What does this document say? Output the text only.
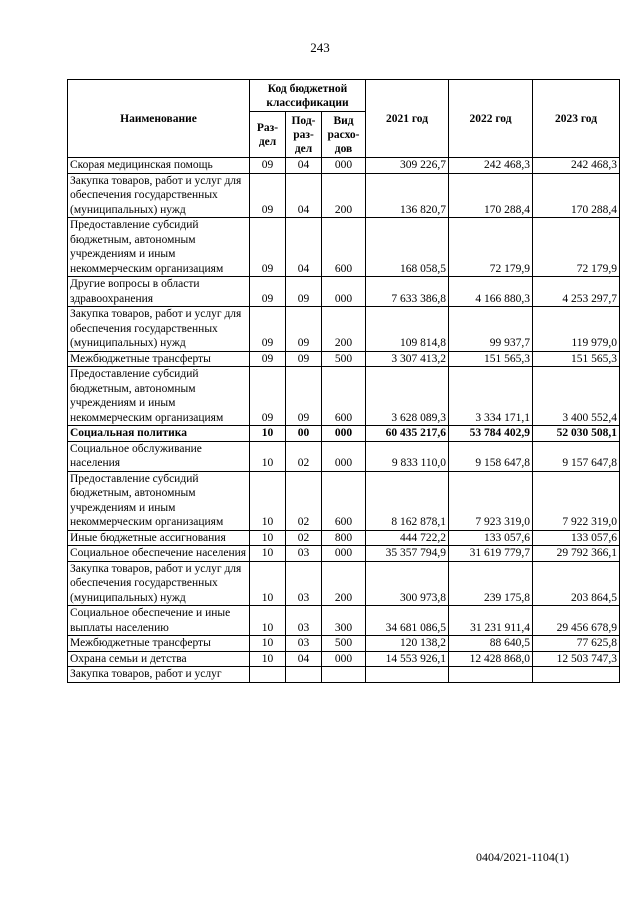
243
Наименование	Код бюджетной классификации			2021 год	2022 год	2023 год
	Раз-дел	Под-раз-дел	Вид расхо-дов			
Скорая медицинская помощь	09	04	000	309 226,7	242 468,3	242 468,3
Закупка товаров, работ и услуг для обеспечения государственных (муниципальных) нужд	09	04	200	136 820,7	170 288,4	170 288,4
Предоставление субсидий бюджетным, автономным учреждениям и иным некоммерческим организациям	09	04	600	168 058,5	72 179,9	72 179,9
Другие вопросы в области здравоохранения	09	09	000	7 633 386,8	4 166 880,3	4 253 297,7
Закупка товаров, работ и услуг для обеспечения государственных (муниципальных) нужд	09	09	200	109 814,8	99 937,7	119 979,0
Межбюджетные трансферты	09	09	500	3 307 413,2	151 565,3	151 565,3
Предоставление субсидий бюджетным, автономным учреждениям и иным некоммерческим организациям	09	09	600	3 628 089,3	3 334 171,1	3 400 552,4
Социальная политика	10	00	000	60 435 217,6	53 784 402,9	52 030 508,1
Социальное обслуживание населения	10	02	000	9 833 110,0	9 158 647,8	9 157 647,8
Предоставление субсидий бюджетным, автономным учреждениям и иным некоммерческим организациям	10	02	600	8 162 878,1	7 923 319,0	7 922 319,0
Иные бюджетные ассигнования	10	02	800	444 722,2	133 057,6	133 057,6
Социальное обеспечение населения	10	03	000	35 357 794,9	31 619 779,7	29 792 366,1
Закупка товаров, работ и услуг для обеспечения государственных (муниципальных) нужд	10	03	200	300 973,8	239 175,8	203 864,5
Социальное обеспечение и иные выплаты населению	10	03	300	34 681 086,5	31 231 911,4	29 456 678,9
Межбюджетные трансферты	10	03	500	120 138,2	88 640,5	77 625,8
Охрана семьи и детства	10	04	000	14 553 926,1	12 428 868,0	12 503 747,3
Закупка товаров, работ и услуг						
0404/2021-1104(1)
